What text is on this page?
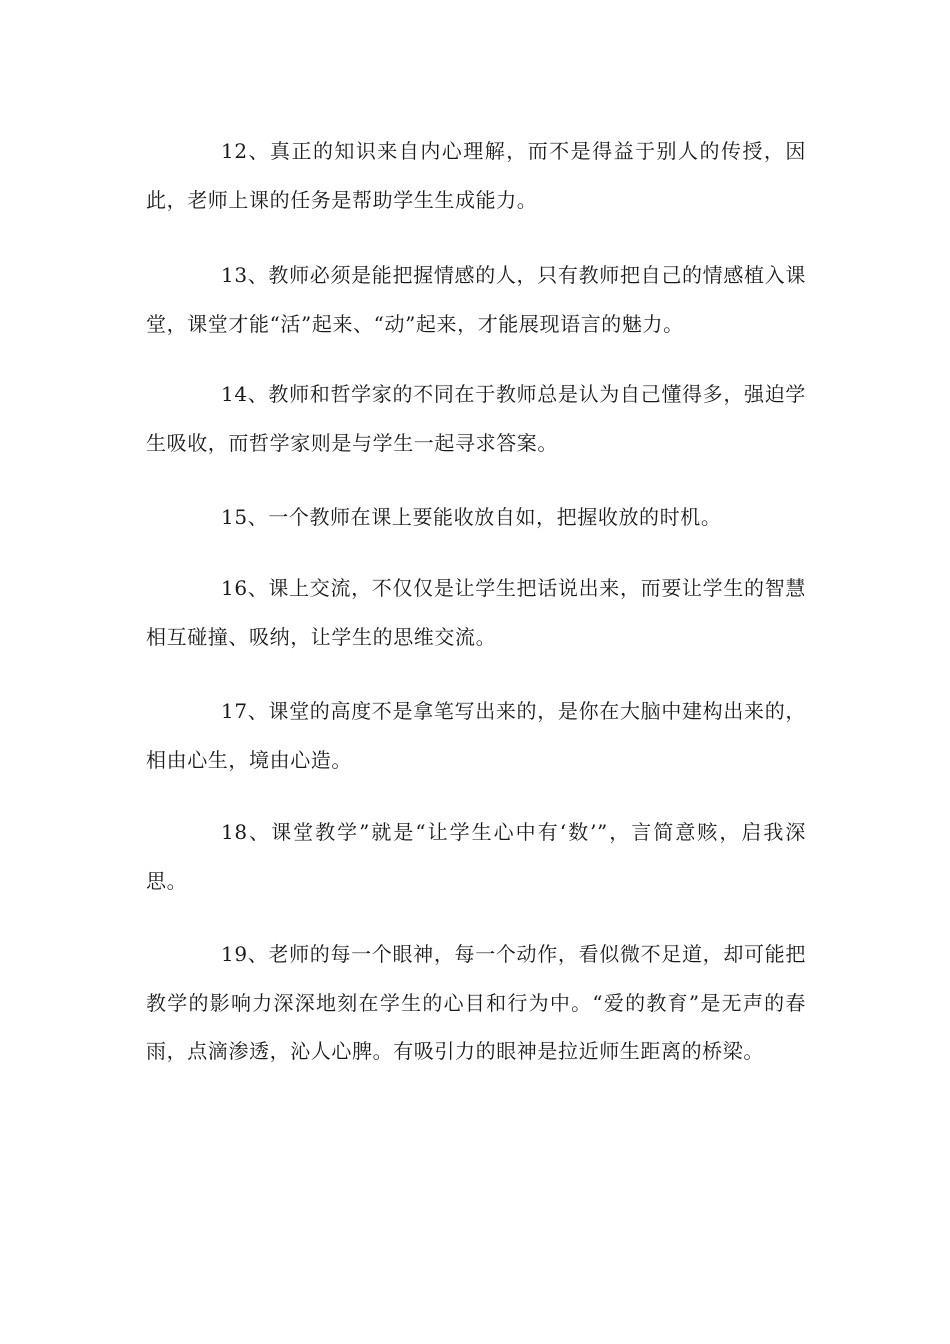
12、真正的知识来自内心理解，而不是得益于别人的传授，因此，老师上课的任务是帮助学生生成能力。

13、教师必须是能把握情感的人，只有教师把自己的情感植入课堂，课堂才能“活”起来、“动”起来，才能展现语言的魅力。

14、教师和哲学家的不同在于教师总是认为自己懂得多，强迫学生吸收，而哲学家则是与学生一起寻求答案。

15、一个教师在课上要能收放自如，把握收放的时机。

16、课上交流，不仅仅是让学生把话说出来，而要让学生的智慧相互碰撞、吸纳，让学生的思维交流。

17、课堂的高度不是拿笔写出来的，是你在大脑中建构出来的，相由心生，境由心造。

18、课堂教学”就是“让学生心中有‘数’”，言简意赅，启我深思。

19、老师的每一个眼神，每一个动作，看似微不足道，却可能把教学的影响力深深地刻在学生的心目和行为中。“爱的教育”是无声的春雨，点滴渗透，沁人心脾。有吸引力的眼神是拉近师生距离的桥梁。
